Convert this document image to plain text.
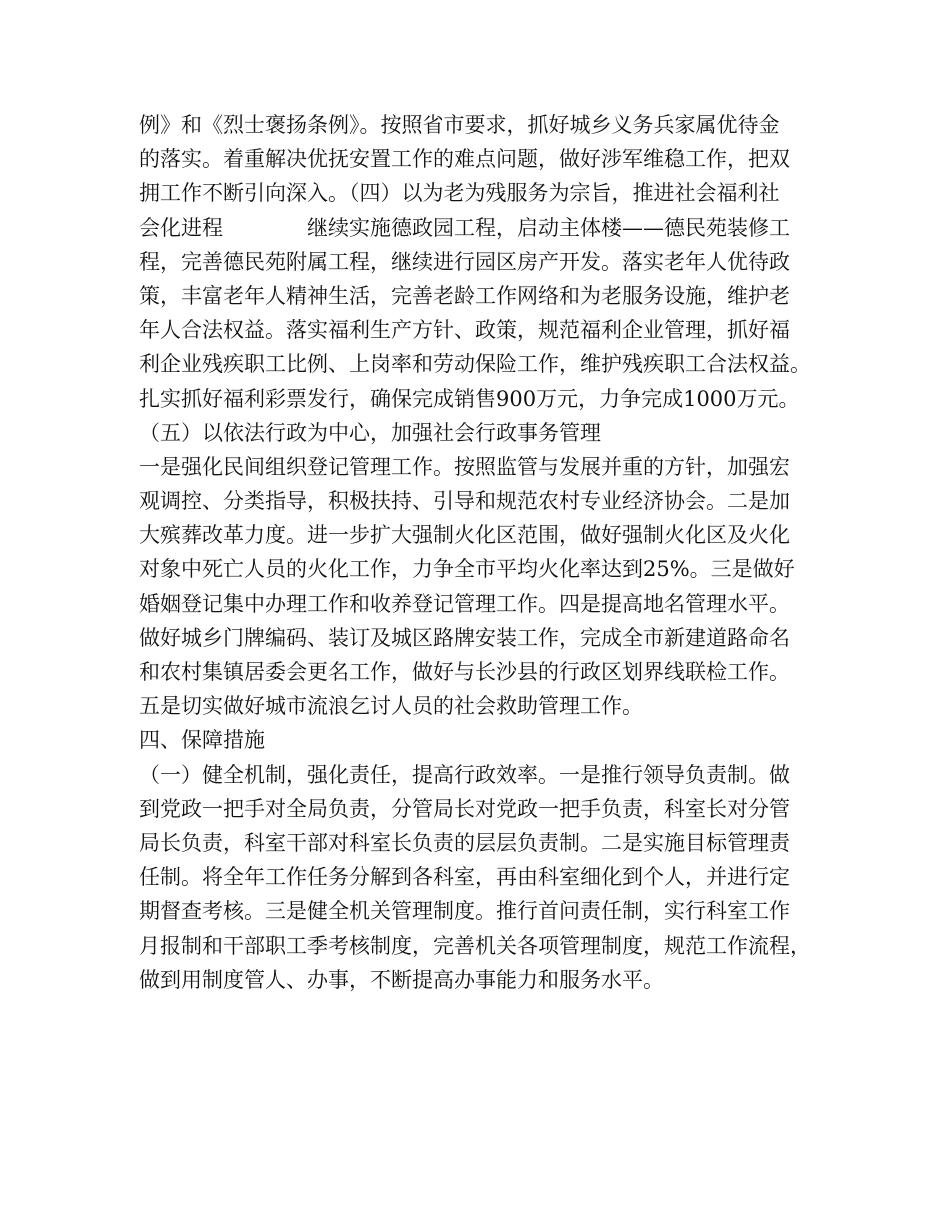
例》和《烈士褒扬条例》。按照省市要求，抓好城乡义务兵家属优待金
的落实。着重解决优抚安置工作的难点问题，做好涉军维稳工作，把双
拥工作不断引向深入。（四）以为老为残服务为宗旨，推进社会福利社
会化进程　　　　继续实施德政园工程，启动主体楼——德民苑装修工
程，完善德民苑附属工程，继续进行园区房产开发。落实老年人优待政
策，丰富老年人精神生活，完善老龄工作网络和为老服务设施，维护老
年人合法权益。落实福利生产方针、政策，规范福利企业管理，抓好福
利企业残疾职工比例、上岗率和劳动保险工作，维护残疾职工合法权益。
扎实抓好福利彩票发行，确保完成销售900万元，力争完成1000万元。
（五）以依法行政为中心，加强社会行政事务管理
一是强化民间组织登记管理工作。按照监管与发展并重的方针，加强宏
观调控、分类指导，积极扶持、引导和规范农村专业经济协会。二是加
大殡葬改革力度。进一步扩大强制火化区范围，做好强制火化区及火化
对象中死亡人员的火化工作，力争全市平均火化率达到25%。三是做好
婚姻登记集中办理工作和收养登记管理工作。四是提高地名管理水平。
做好城乡门牌编码、装订及城区路牌安装工作，完成全市新建道路命名
和农村集镇居委会更名工作，做好与长沙县的行政区划界线联检工作。
五是切实做好城市流浪乞讨人员的社会救助管理工作。
四、保障措施
（一）健全机制，强化责任，提高行政效率。一是推行领导负责制。做
到党政一把手对全局负责，分管局长对党政一把手负责，科室长对分管
局长负责，科室干部对科室长负责的层层负责制。二是实施目标管理责
任制。将全年工作任务分解到各科室，再由科室细化到个人，并进行定
期督查考核。三是健全机关管理制度。推行首问责任制，实行科室工作
月报制和干部职工季考核制度，完善机关各项管理制度，规范工作流程，
做到用制度管人、办事，不断提高办事能力和服务水平。
